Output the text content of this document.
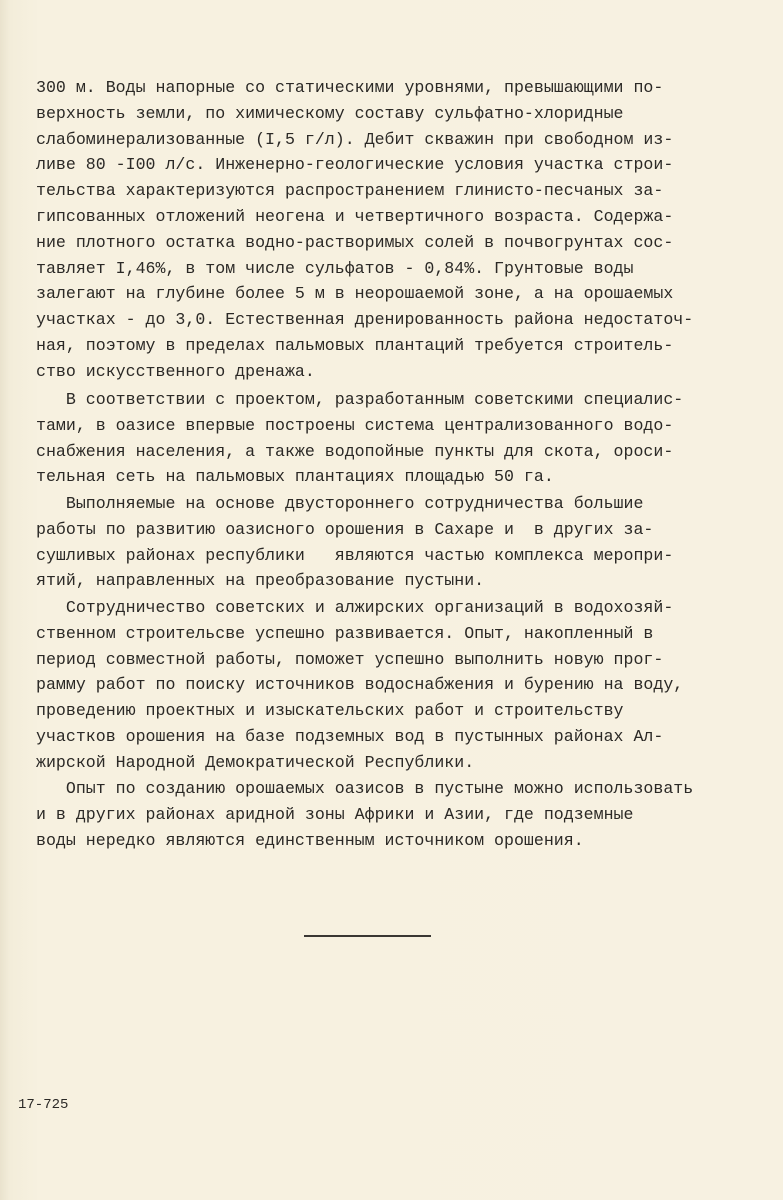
300 м. Воды напорные со статическими уровнями, превышающими по-
верхность земли, по химическому составу сульфатно-хлоридные
слабоминерализованные (I,5 г/л). Дебит скважин при свободном из-
ливе 80 -I00 л/с. Инженерно-геологические условия участка строи-
тельства характеризуются распространением глинисто-песчаных за-
гипсованных отложений неогена и четвертичного возраста. Содержа-
ние плотного остатка водно-растворимых солей в почвогрунтах сос-
тавляет I,46%, в том числе сульфатов - 0,84%. Грунтовые воды
залегают на глубине более 5 м в неорошаемой зоне, а на орошаемых
участках - до 3,0. Естественная дренированность района недостаточ-
ная, поэтому в пределах пальмовых плантаций требуется строитель-
ство искусственного дренажа.
В соответствии с проектом, разработанным советскими специалис-
тами, в оазисе впервые построены система централизованного водо-
снабжения населения, а также водопойные пункты для скота, ороси-
тельная сеть на пальмовых плантациях площадью 50 га.
Выполняемые на основе двустороннего сотрудничества большие
работы по развитию оазисного орошения в Сахаре и  в других за-
сушливых районах республики   являются частью комплекса меропри-
ятий, направленных на преобразование пустыни.
Сотрудничество советских и алжирских организаций в водохозяй-
ственном строительсве успешно развивается. Опыт, накопленный в
период совместной работы, поможет успешно выполнить новую прог-
рамму работ по поиску источников водоснабжения и бурению на воду,
проведению проектных и изыскательских работ и строительству
участков орошения на базе подземных вод в пустынных районах Ал-
жирской Народной Демократической Республики.
Опыт по созданию орошаемых оазисов в пустыне можно использовать
и в других районах аридной зоны Африки и Азии, где подземные
воды нередко являются единственным источником орошения.
17-725
